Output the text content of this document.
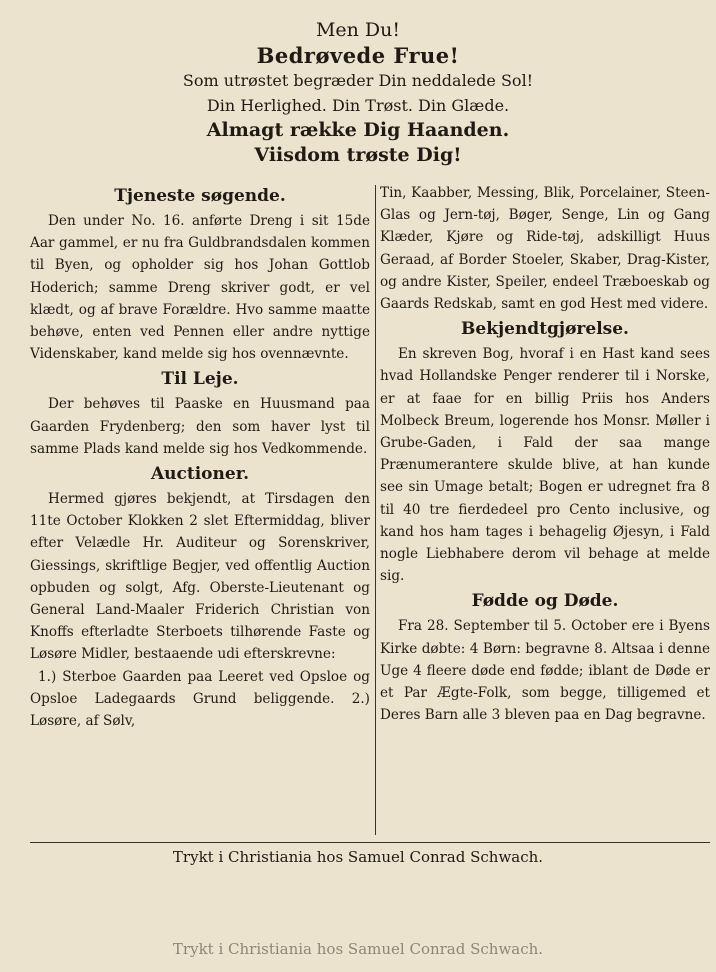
Men Du!
Bedrøvede Frue!
Som utrøstet begræder Din neddalede Sol!
Din Herlighed. Din Trøst. Din Glæde.
Almagt række Dig Haanden.
Viisdom trøste Dig!
Tjeneste søgende.

Den under No. 16. anførte Dreng i sit 15de Aar gammel, er nu fra Guldbrandsdalen kommen til Byen, og opholder sig hos Johan Gottlob Hoderich; samme Dreng skriver godt, er vel klædt, og af brave Forældre. Hvo samme maatte behøve, enten ved Pennen eller andre nyttige Videnskaber, kand melde sig hos ovennævnte.

Til Leje.

Der behøves til Paaske en Huusmand paa Gaarden Frydenberg; den som haver lyst til samme Plads kand melde sig hos Vedkommende.

Auctioner.

Hermed gjøres bekjendt, at Tirsdagen den 11te October Klokken 2 slet Eftermiddag, bliver efter Velædle Hr. Auditeur og Sorenskriver, Giessings, skriftlige Begjer, ved offentlig Auction opbuden og solgt, Afg. Oberste-Lieutenant og General Land-Maaler Friderich Christian von Knoffs efterladte Sterboets tilhørende Faste og Løsøre Midler, bestaaende udi efterskrevne:

1.) Sterboe Gaarden paa Leeret ved Opsloe og Opsloe Ladegaards Grund beliggende. 2.) Løsøre, af Sølv,

Tin, Kaabber, Messing, Blik, Porcelainer, Steen- Glas og Jern-tøj, Bøger, Senge, Lin og Gang Klæder, Kjøre og Ride-tøj, adskilligt Huus Geraad, af Border Stoeler, Skaber, Drag-Kister, og andre Kister, Speiler, endeel Træboeskab og Gaards Redskab, samt en god Hest med videre.

Bekjendtgjørelse.

En skreven Bog, hvoraf i en Hast kand sees hvad Hollandske Penger renderer til i Norske, er at faae for en billig Priis hos Anders Molbeck Breum, logerende hos Monsr. Møller i Grube-Gaden, i Fald der saa mange Prænumerantere skulde blive, at han kunde see sin Umage betalt; Bogen er udregnet fra 8 til 40 tre fierdedeel pro Cento inclusive, og kand hos ham tages i behagelig Øjesyn, i Fald nogle Liebhabere derom vil behage at melde sig.

Fødde og Døde.

Fra 28. September til 5. October ere i Byens Kirke døbte: 4 Børn: begravne 8. Altsaa i denne Uge 4 fleere døde end fødde; iblant de Døde er et Par Ægte-Folk, som begge, tilligemed et Deres Barn alle 3 bleven paa en Dag begravne.

Trykt i Christiania hos Samuel Conrad Schwach.
Trykt i Christiania hos Samuel Conrad Schwach.
